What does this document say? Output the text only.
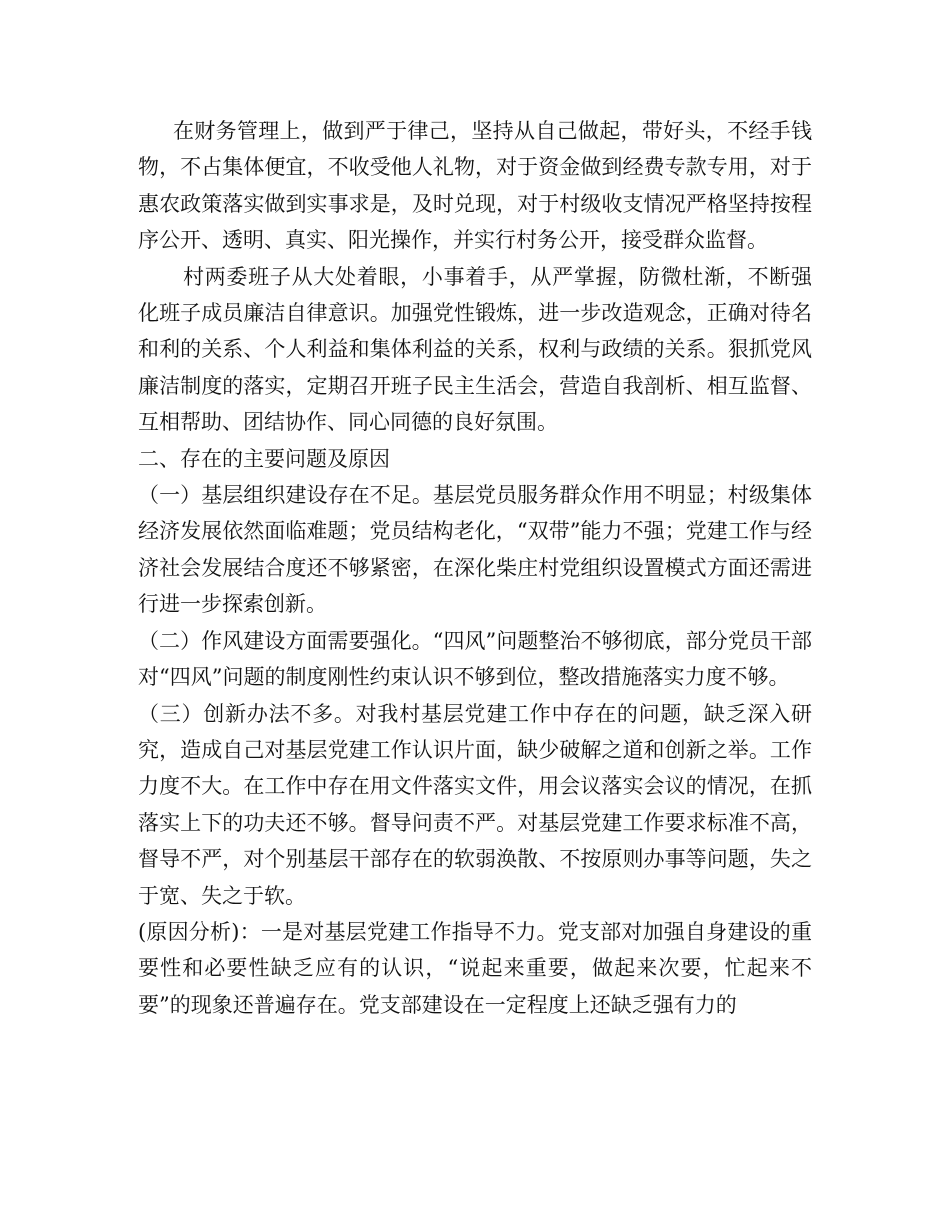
在财务管理上，做到严于律己，坚持从自己做起，带好头，不经手钱物，不占集体便宜，不收受他人礼物，对于资金做到经费专款专用，对于惠农政策落实做到实事求是，及时兑现，对于村级收支情况严格坚持按程序公开、透明、真实、阳光操作，并实行村务公开，接受群众监督。

村两委班子从大处着眼，小事着手，从严掌握，防微杜渐，不断强化班子成员廉洁自律意识。加强党性锻炼，进一步改造观念，正确对待名和利的关系、个人利益和集体利益的关系，权利与政绩的关系。狠抓党风廉洁制度的落实，定期召开班子民主生活会，营造自我剖析、相互监督、互相帮助、团结协作、同心同德的良好氛围。

二、存在的主要问题及原因

（一）基层组织建设存在不足。基层党员服务群众作用不明显；村级集体经济发展依然面临难题；党员结构老化，“双带”能力不强；党建工作与经济社会发展结合度还不够紧密，在深化柴庄村党组织设置模式方面还需进行进一步探索创新。

（二）作风建设方面需要强化。“四风”问题整治不够彻底，部分党员干部对“四风”问题的制度刚性约束认识不够到位，整改措施落实力度不够。

（三）创新办法不多。对我村基层党建工作中存在的问题，缺乏深入研究，造成自己对基层党建工作认识片面，缺少破解之道和创新之举。工作力度不大。在工作中存在用文件落实文件，用会议落实会议的情况，在抓落实上下的功夫还不够。督导问责不严。对基层党建工作要求标准不高，督导不严，对个别基层干部存在的软弱涣散、不按原则办事等问题，失之于宽、失之于软。

(原因分析)：一是对基层党建工作指导不力。党支部对加强自身建设的重要性和必要性缺乏应有的认识，“说起来重要，做起来次要，忙起来不要”的现象还普遍存在。党支部建设在一定程度上还缺乏强有力的
